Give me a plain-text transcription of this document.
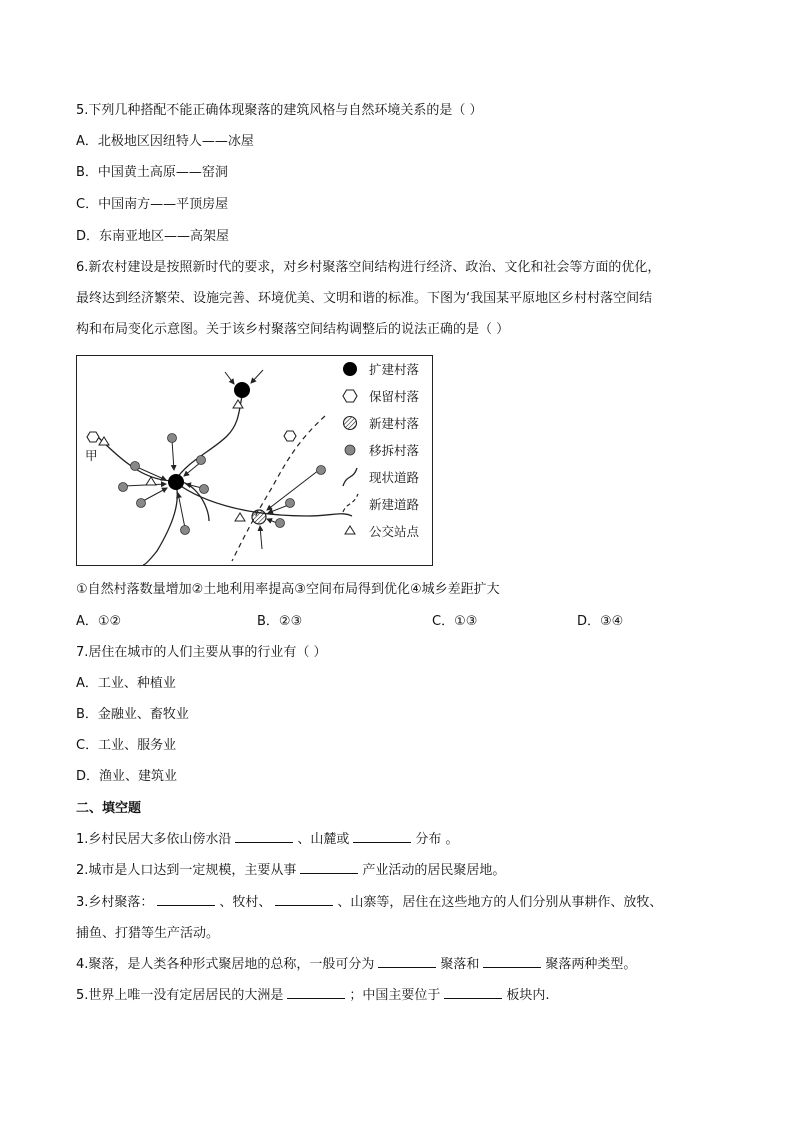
5.下列几种搭配不能正确体现聚落的建筑风格与自然环境关系的是（ ）
A．北极地区因纽特人——冰屋
B．中国黄土高原——窑洞
C．中国南方——平顶房屋
D．东南亚地区——高架屋
6.新农村建设是按照新时代的要求，对乡村聚落空间结构进行经济、政治、文化和社会等方面的优化，
最终达到经济繁荣、设施完善、环境优美、文明和谐的标准。下图为‘我国某平原地区乡村村落空间结
构和布局变化示意图。关于该乡村聚落空间结构调整后的说法正确的是（ ）
甲
扩建村落
保留村落
新建村落
移拆村落
现状道路
新建道路
公交站点
①自然村落数量增加②土地利用率提高③空间布局得到优化④城乡差距扩大
A．①②	B．②③	C．①③	D．③④
7.居住在城市的人们主要从事的行业有（ ）
A．工业、种植业
B．金融业、畜牧业
C．工业、服务业
D．渔业、建筑业
二、填空题
1.乡村民居大多依山傍水沿	、山麓或	分布 。
2.城市是人口达到一定规模，主要从事	产业活动的居民聚居地。
3.乡村聚落：	、牧村、	、山寨等，居住在这些地方的人们分别从事耕作、放牧、
捕鱼、打猎等生产活动。
4.聚落，是人类各种形式聚居地的总称，一般可分为	聚落和	聚落两种类型。
5.世界上唯一没有定居居民的大洲是	；中国主要位于	板块内.
